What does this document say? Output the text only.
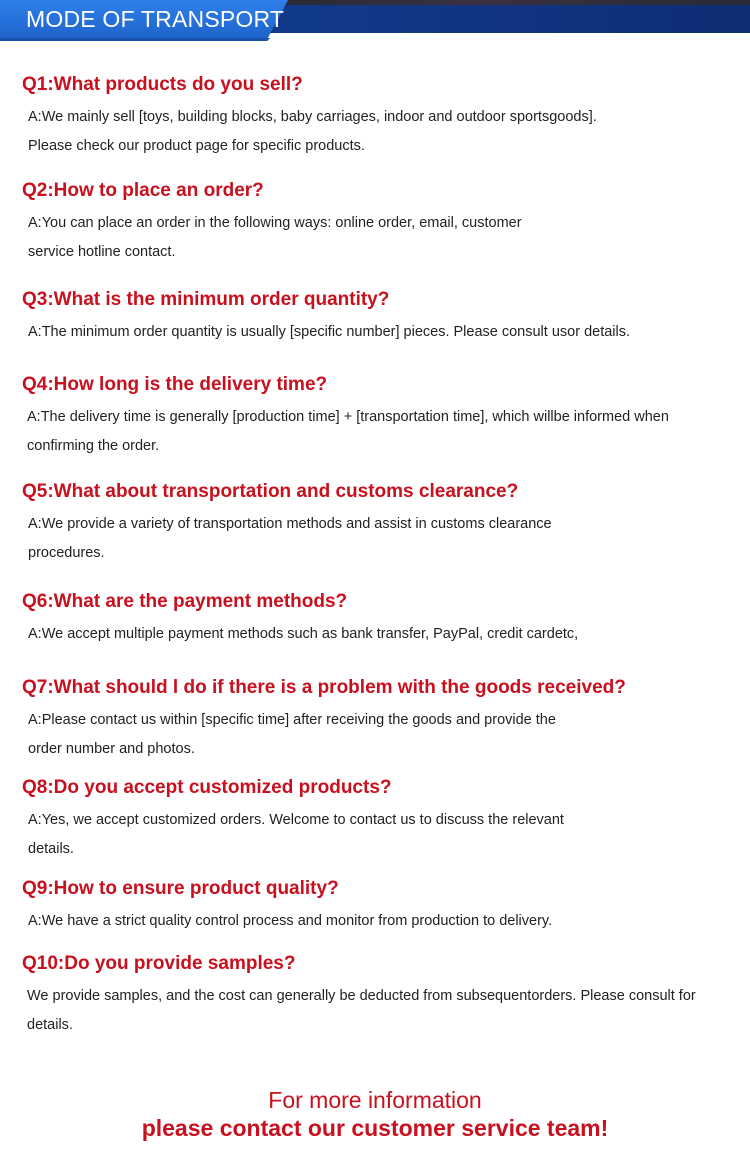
MODE OF TRANSPORT

Q1:What products do you sell?

A:We mainly sell [toys, building blocks, baby carriages, indoor and outdoor sportsgoods].
Please check our product page for specific products.

Q2:How to place an order?

A:You can place an order in the following ways: online order, email, customer
service hotline contact.

Q3:What is the minimum order quantity?

A:The minimum order quantity is usually [specific number] pieces. Please consult usor details.

Q4:How long is the delivery time?

A:The delivery time is generally [production time] + [transportation time], which willbe informed when
confirming the order.

Q5:What about transportation and customs clearance?

A:We provide a variety of transportation methods and assist in customs clearance
procedures.

Q6:What are the payment methods?

A:We accept multiple payment methods such as bank transfer, PayPal, credit cardetc,

Q7:What should l do if there is a problem with the goods received?

A:Please contact us within [specific time] after receiving the goods and provide the
order number and photos.

Q8:Do you accept customized products?

A:Yes, we accept customized orders. Welcome to contact us to discuss the relevant
details.

Q9:How to ensure product quality?

A:We have a strict quality control process and monitor from production to delivery.

Q10:Do you provide samples?

We provide samples, and the cost can generally be deducted from subsequentorders. Please consult for
details.

For more information
please contact our customer service team!
